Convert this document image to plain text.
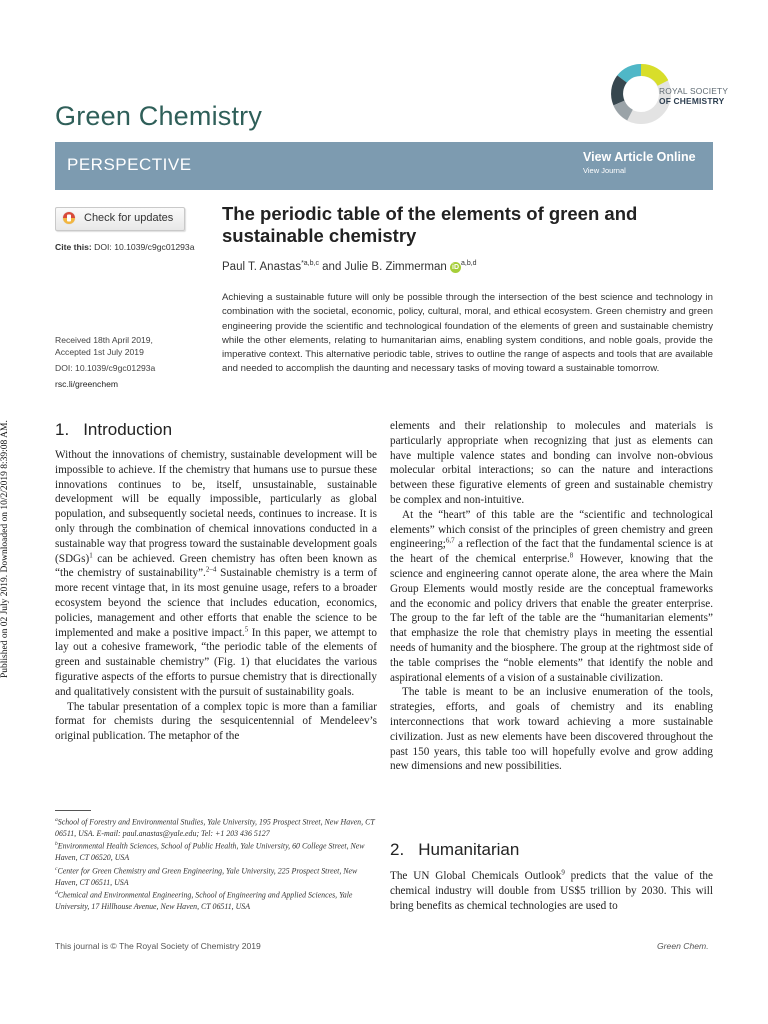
Published on 02 July 2019. Downloaded on 10/2/2019 8:39:08 AM.
Green Chemistry
ROYAL SOCIETY
OF CHEMISTRY
PERSPECTIVE	View Article Online
View Journal
Check for updates
Cite this: DOI: 10.1039/c9gc01293a
Received 18th April 2019,
Accepted 1st July 2019
DOI: 10.1039/c9gc01293a
rsc.li/greenchem
The periodic table of the elements of green and sustainable chemistry
Paul T. Anastas$^{*a,b,c}$ and Julie B. Zimmerman iD$^{a,b,d}$
Achieving a sustainable future will only be possible through the intersection of the best science and technology in combination with the societal, economic, policy, cultural, moral, and ethical ecosystem. Green chemistry and green engineering provide the scientific and technological foundation of the elements of green and sustainable chemistry while the other elements, relating to humanitarian aims, enabling system conditions, and noble goals, provide the imperative context. This alternative periodic table, strives to outline the range of aspects and tools that are available and needed to accomplish the daunting and necessary tasks of moving toward a sustainable tomorrow.
1. Introduction

Without the innovations of chemistry, sustainable development will be impossible to achieve. If the chemistry that humans use to pursue these innovations continues to be, itself, unsustainable, sustainable development will be equally impossible, particularly as global population, and subsequently societal needs, continues to increase. It is only through the combination of chemical innovations conducted in a sustainable way that progress toward the sustainable development goals (SDGs)$^1$ can be achieved. Green chemistry has often been known as “the chemistry of sustainability”.$^{2-4}$ Sustainable chemistry is a term of more recent vintage that, in its most genuine usage, refers to a broader ecosystem beyond the science that includes education, economics, policies, management and other efforts that enable the science to be implemented and make a positive impact.$^5$ In this paper, we attempt to lay out a cohesive framework, “the periodic table of the elements of green and sustainable chemistry” (Fig. 1) that elucidates the various figurative aspects of the efforts to pursue chemistry that is directionally and qualitatively consistent with the pursuit of sustainability goals.

The tabular presentation of a complex topic is more than a familiar format for chemists during the sesquicentennial of Mendeleev’s original publication. The metaphor of the

$^a$School of Forestry and Environmental Studies, Yale University, 195 Prospect Street, New Haven, CT 06511, USA. E-mail: paul.anastas@yale.edu; Tel: +1 203 436 5127

$^b$Environmental Health Sciences, School of Public Health, Yale University, 60 College Street, New Haven, CT 06520, USA

$^c$Center for Green Chemistry and Green Engineering, Yale University, 225 Prospect Street, New Haven, CT 06511, USA

$^d$Chemical and Environmental Engineering, School of Engineering and Applied Sciences, Yale University, 17 Hillhouse Avenue, New Haven, CT 06511, USA

elements and their relationship to molecules and materials is particularly appropriate when recognizing that just as elements can have multiple valence states and bonding can involve non-obvious molecular orbital interactions; so can the nature and interactions between these figurative elements of green and sustainable chemistry be complex and non-intuitive.

At the “heart” of this table are the “scientific and technological elements” which consist of the principles of green chemistry and green engineering;$^{6,7}$ a reflection of the fact that the fundamental science is at the heart of the chemical enterprise.$^8$ However, knowing that the science and engineering cannot operate alone, the area where the Main Group Elements would mostly reside are the conceptual frameworks and the economic and policy drivers that enable the greater enterprise. The group to the far left of the table are the “humanitarian elements” that emphasize the role that chemistry plays in meeting the essential needs of humanity and the biosphere. The group at the rightmost side of the table comprises the “noble elements” that identify the noble and aspirational elements of a vision of a sustainable civilization.

The table is meant to be an inclusive enumeration of the tools, strategies, efforts, and goals of chemistry and its enabling interconnections that work toward achieving a more sustainable civilization. Just as new elements have been discovered throughout the past 150 years, this table too will hopefully evolve and grow adding new dimensions and new possibilities.

2. Humanitarian

The UN Global Chemicals Outlook$^9$ predicts that the value of the chemical industry will double from US$5 trillion by 2030. This will bring benefits as chemical technologies are used to

This journal is © The Royal Society of Chemistry 2019	Green Chem.
